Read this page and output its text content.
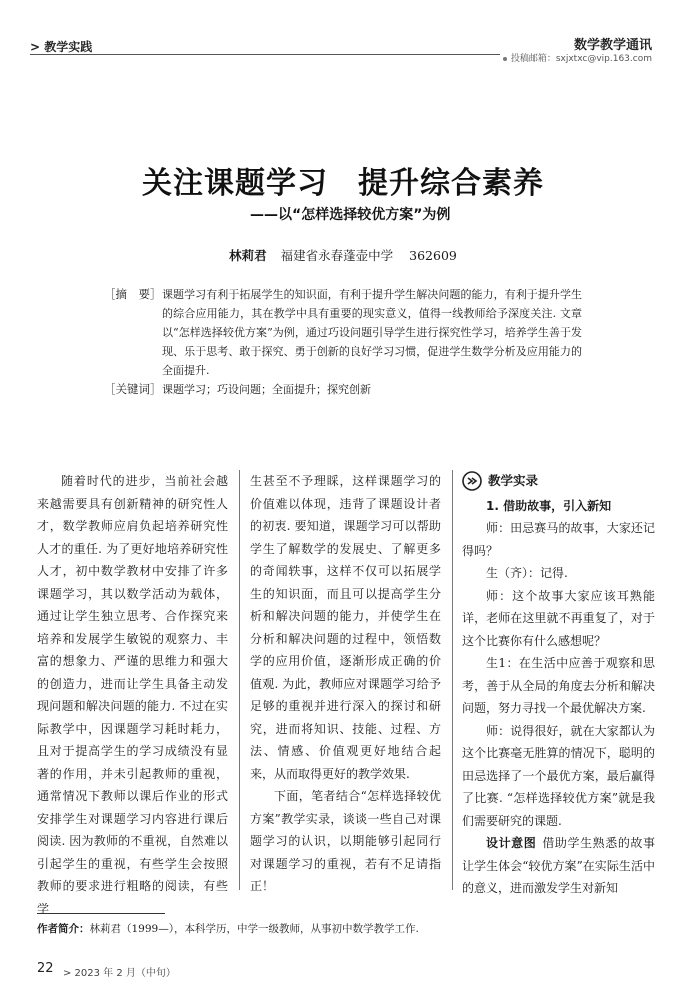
> 教学实践	数学教学通讯
投稿邮箱：sxjxtxc@vip.163.com
关注课题学习 提升综合素养
——以“怎样选择较优方案”为例
林莉君 福建省永春蓬壶中学 362609
［摘　要］ 课题学习有利于拓展学生的知识面，有利于提升学生解决问题的能力，有利于提升学生的综合应用能力，其在教学中具有重要的现实意义，值得一线教师给予深度关注. 文章以“怎样选择较优方案”为例，通过巧设问题引导学生进行探究性学习，培养学生善于发现、乐于思考、敢于探究、勇于创新的良好学习习惯，促进学生数学分析及应用能力的全面提升.
［关键词］ 课题学习；巧设问题；全面提升；探究创新

随着时代的进步，当前社会越来越需要具有创新精神的研究性人才，数学教师应肩负起培养研究性人才的重任. 为了更好地培养研究性人才，初中数学教材中安排了许多课题学习，其以数学活动为载体，通过让学生独立思考、合作探究来培养和发展学生敏锐的观察力、丰富的想象力、严谨的思维力和强大的创造力，进而让学生具备主动发现问题和解决问题的能力. 不过在实际教学中，因课题学习耗时耗力，且对于提高学生的学习成绩没有显著的作用，并未引起教师的重视，通常情况下教师以课后作业的形式安排学生对课题学习内容进行课后阅读. 因为教师的不重视，自然难以引起学生的重视，有些学生会按照教师的要求进行粗略的阅读，有些学

生甚至不予理睬，这样课题学习的价值难以体现，违背了课题设计者的初衷. 要知道，课题学习可以帮助学生了解数学的发展史、了解更多的奇闻轶事，这样不仅可以拓展学生的知识面，而且可以提高学生分析和解决问题的能力，并使学生在分析和解决问题的过程中，领悟数学的应用价值，逐渐形成正确的价值观. 为此，教师应对课题学习给予足够的重视并进行深入的探讨和研究，进而将知识、技能、过程、方法、情感、价值观更好地结合起来，从而取得更好的教学效果.

下面，笔者结合“怎样选择较优方案”教学实录，谈谈一些自己对课题学习的认识，以期能够引起同行对课题学习的重视，若有不足请指正！

教学实录
1. 借助故事，引入新知

师：田忌赛马的故事，大家还记得吗？

生（齐）：记得.

师：这个故事大家应该耳熟能详，老师在这里就不再重复了，对于这个比赛你有什么感想呢？

生1：在生活中应善于观察和思考，善于从全局的角度去分析和解决问题，努力寻找一个最优解决方案.

师：说得很好，就在大家都认为这个比赛毫无胜算的情况下，聪明的田忌选择了一个最优方案，最后赢得了比赛. “怎样选择较优方案”就是我们需要研究的课题.

设计意图 借助学生熟悉的故事让学生体会“较优方案”在实际生活中的意义，进而激发学生对新知

作者简介：林莉君（1999—），本科学历，中学一级教师，从事初中数学教学工作.
22 > 2023 年 2 月（中旬）
